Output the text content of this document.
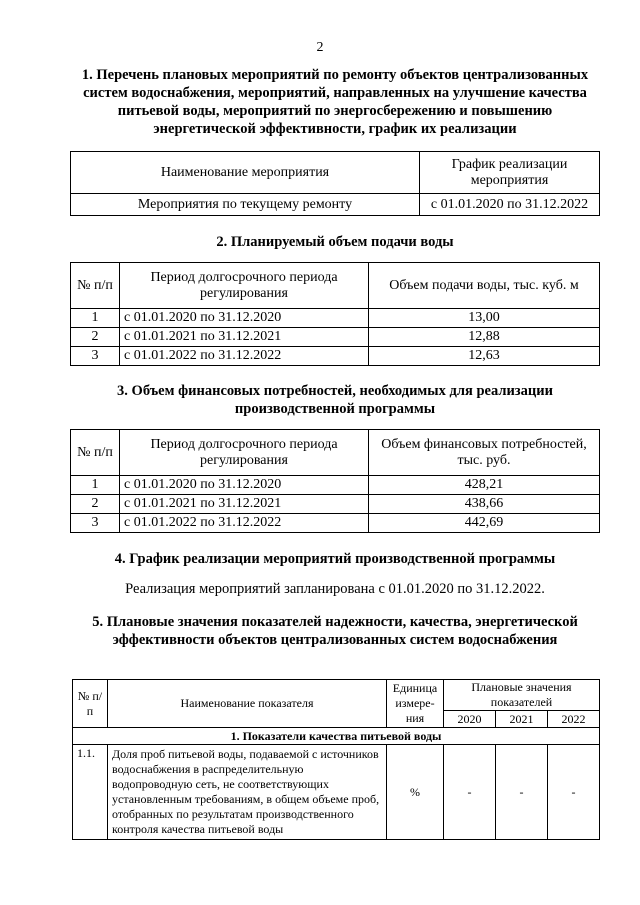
2
1. Перечень плановых мероприятий по ремонту объектов централизованных систем водоснабжения, мероприятий, направленных на улучшение качества питьевой воды, мероприятий по энергосбережению и повышению энергетической эффективности, график их реализации
Наименование мероприятия	График реализации мероприятия
Мероприятия по текущему ремонту	с 01.01.2020 по 31.12.2022
2. Планируемый объем подачи воды
№ п/п	Период долгосрочного периода регулирования	Объем подачи воды, тыс. куб. м
1	с 01.01.2020 по 31.12.2020	13,00
2	с 01.01.2021 по 31.12.2021	12,88
3	с 01.01.2022 по 31.12.2022	12,63
3. Объем финансовых потребностей, необходимых для реализации производственной программы
№ п/п	Период долгосрочного периода регулирования	Объем финансовых потребностей, тыс. руб.
1	с 01.01.2020 по 31.12.2020	428,21
2	с 01.01.2021 по 31.12.2021	438,66
3	с 01.01.2022 по 31.12.2022	442,69
4. График реализации мероприятий производственной программы
Реализация мероприятий запланирована с 01.01.2020 по 31.12.2022.
5. Плановые значения показателей надежности, качества, энергетической эффективности объектов централизованных систем водоснабжения
№ п/п	Наименование показателя	Единица измере-ния	Плановые значения показателей		
			2020	2021	2022
1. Показатели качества питьевой воды					
1.1.	Доля проб питьевой воды, подаваемой с источников водоснабжения в распределительную водопроводную сеть, не соответствующих установленным требованиям, в общем объеме проб, отобранных по результатам производственного контроля качества питьевой воды	%	-	-	-
